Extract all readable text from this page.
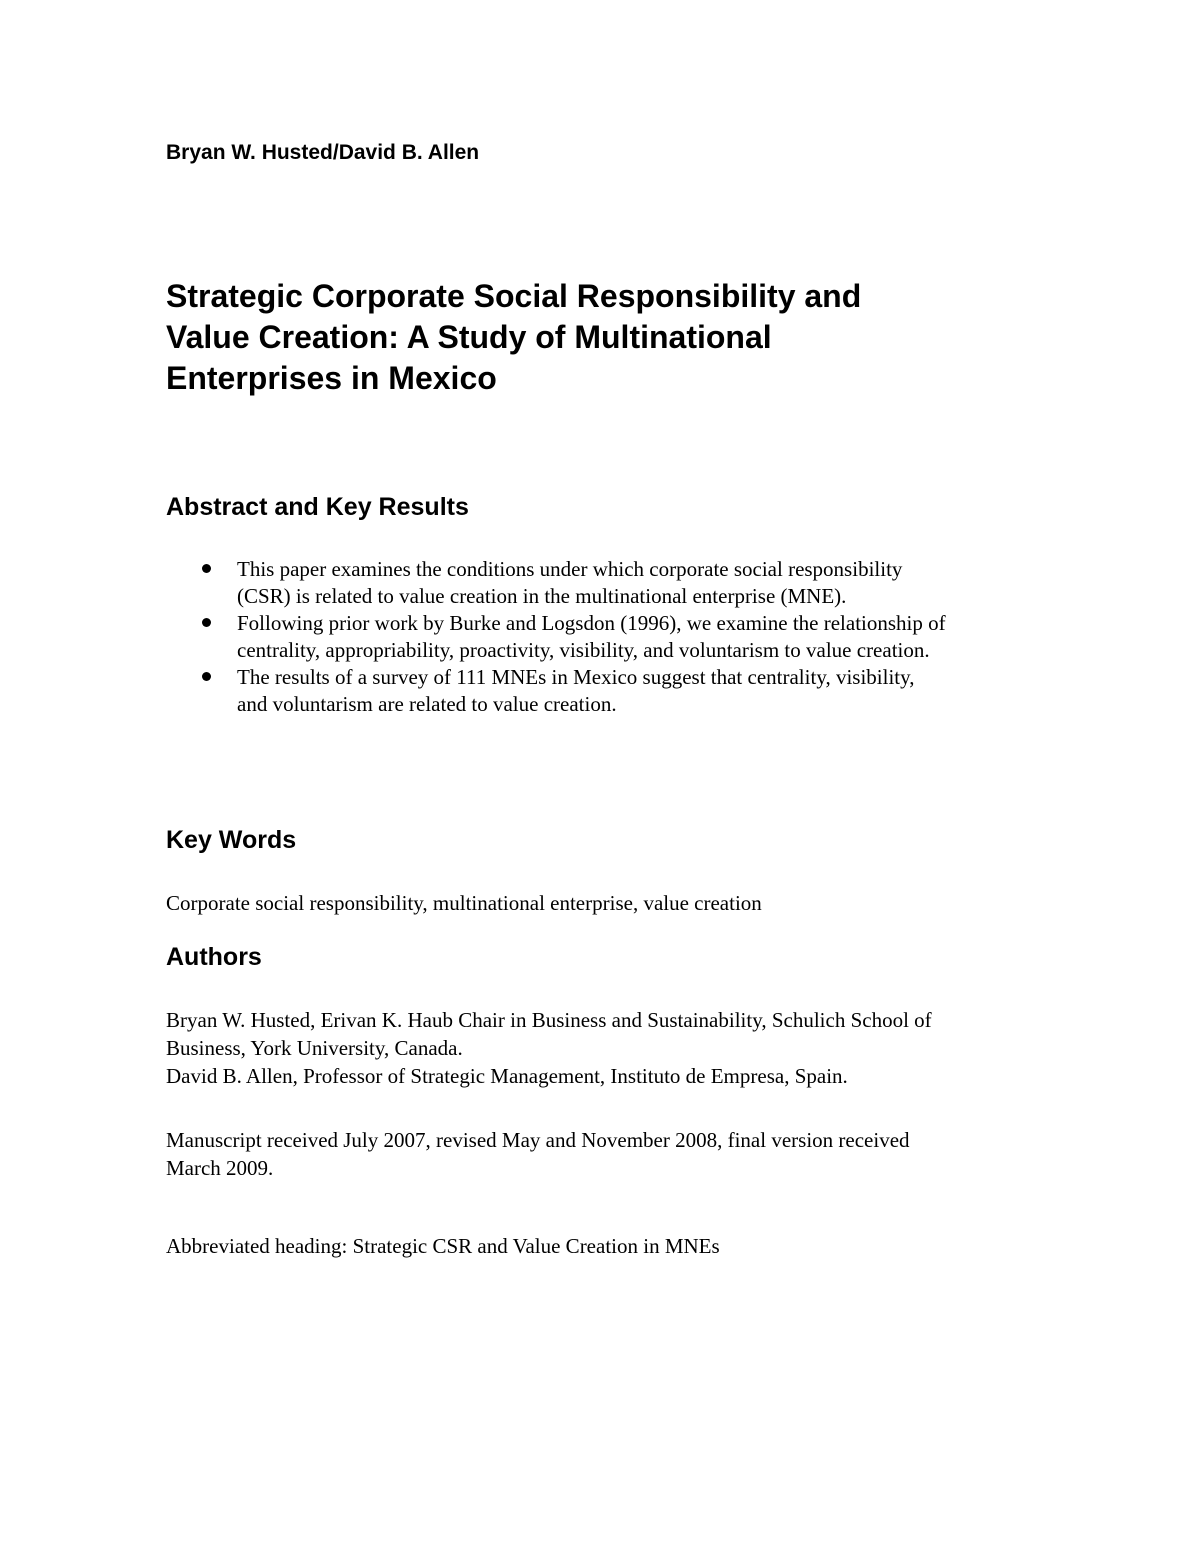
Bryan W. Husted/David B. Allen
Strategic Corporate Social Responsibility and
Value Creation: A Study of Multinational
Enterprises in Mexico
Abstract and Key Results
This paper examines the conditions under which corporate social responsibility
(CSR) is related to value creation in the multinational enterprise (MNE).
Following prior work by Burke and Logsdon (1996), we examine the relationship of
centrality, appropriability, proactivity, visibility, and voluntarism to value creation.
The results of a survey of 111 MNEs in Mexico suggest that centrality, visibility,
and voluntarism are related to value creation.
Key Words

Corporate social responsibility, multinational enterprise, value creation

Authors

Bryan W. Husted, Erivan K. Haub Chair in Business and Sustainability, Schulich School of
Business, York University, Canada.
David B. Allen, Professor of Strategic Management, Instituto de Empresa, Spain.

Manuscript received July 2007, revised May and November 2008, final version received
March 2009.

Abbreviated heading: Strategic CSR and Value Creation in MNEs
